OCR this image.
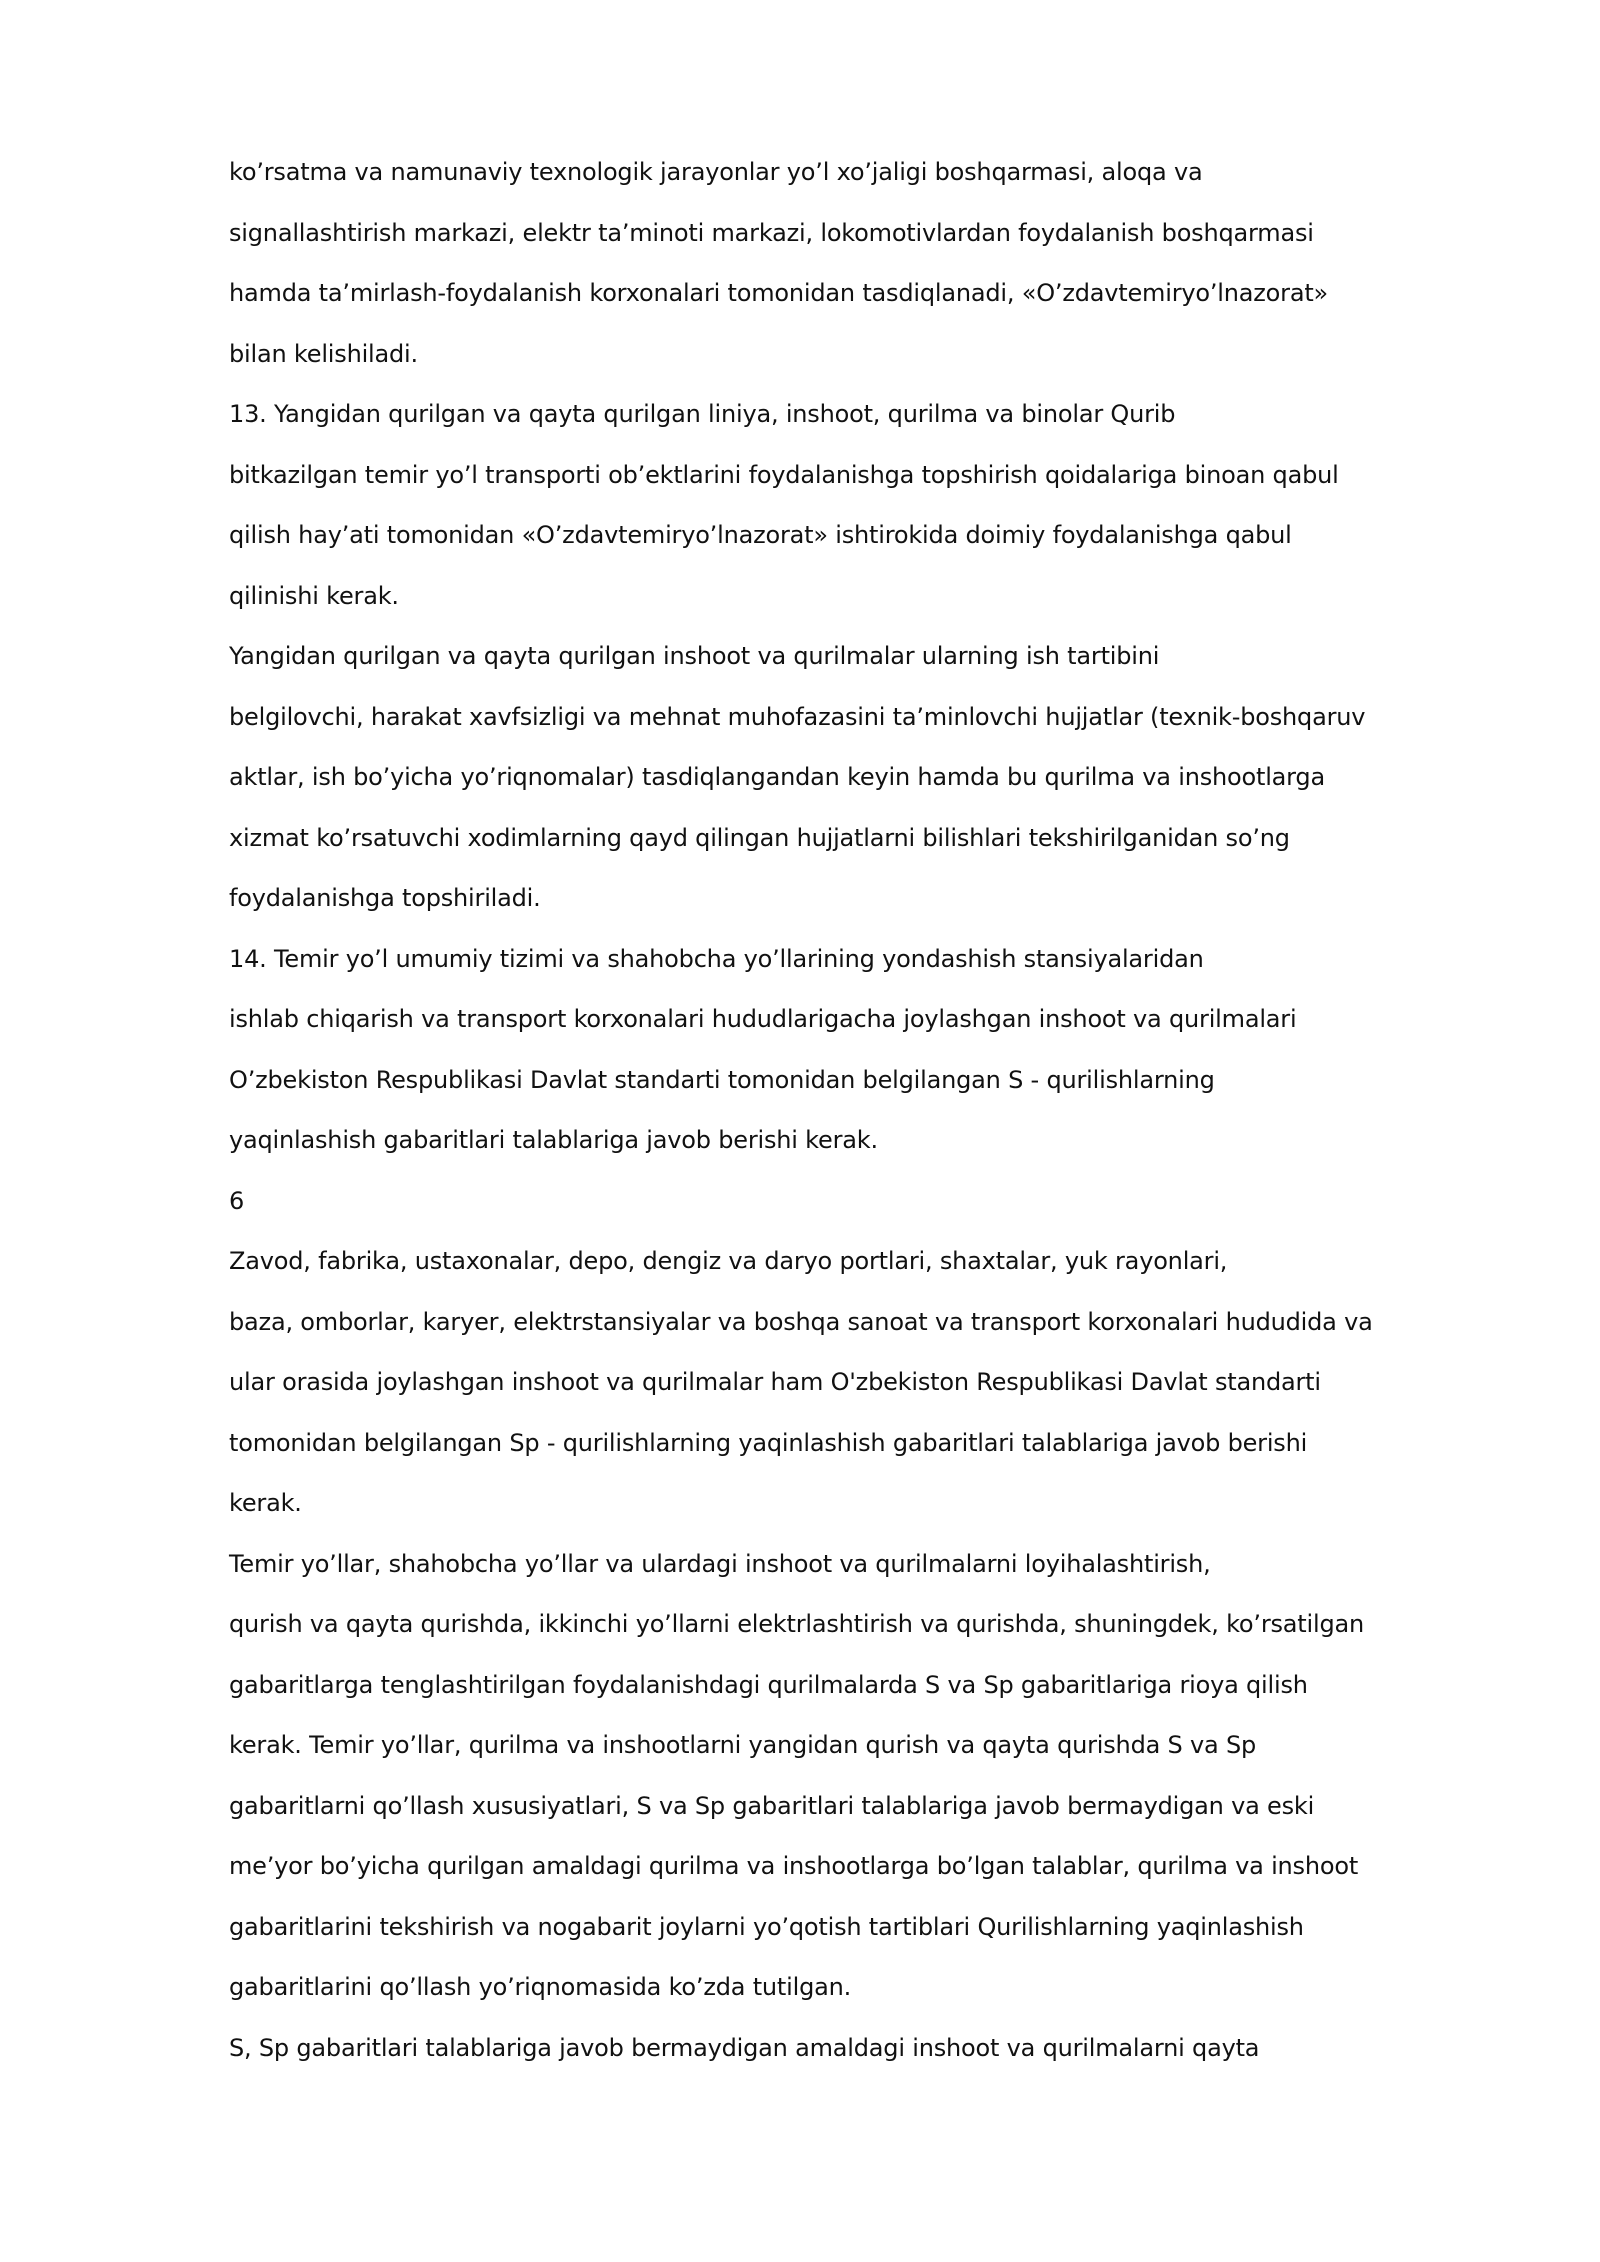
ko’rsatma va namunaviy texnologik jarayonlar yo’l xo’jaligi boshqarmasi, aloqa va
signallashtirish markazi, elektr ta’minoti markazi, lokomotivlardan foydalanish boshqarmasi
hamda ta’mirlash-foydalanish korxonalari tomonidan tasdiqlanadi, «O’zdavtemiryo’lnazorat»
bilan kelishiladi.
13. Yangidan qurilgan va qayta qurilgan liniya, inshoot, qurilma va binolar Qurib
bitkazilgan temir yo’l transporti ob’ektlarini foydalanishga topshirish qoidalariga binoan qabul
qilish hay’ati tomonidan «O’zdavtemiryo’lnazorat» ishtirokida doimiy foydalanishga qabul
qilinishi kerak.
Yangidan qurilgan va qayta qurilgan inshoot va qurilmalar ularning ish tartibini
belgilovchi, harakat xavfsizligi va mehnat muhofazasini ta’minlovchi hujjatlar (texnik-boshqaruv
aktlar, ish bo’yicha yo’riqnomalar) tasdiqlangandan keyin hamda bu qurilma va inshootlarga
xizmat ko’rsatuvchi xodimlarning qayd qilingan hujjatlarni bilishlari tekshirilganidan so’ng
foydalanishga topshiriladi.
14. Temir yo’l umumiy tizimi va shahobcha yo’llarining yondashish stansiyalaridan
ishlab chiqarish va transport korxonalari hududlarigacha joylashgan inshoot va qurilmalari
O’zbekiston Respublikasi Davlat standarti tomonidan belgilangan S - qurilishlarning
yaqinlashish gabaritlari talablariga javob berishi kerak.
6
Zavod, fabrika, ustaxonalar, depo, dengiz va daryo portlari, shaxtalar, yuk rayonlari,
baza, omborlar, karyer, elektrstansiyalar va boshqa sanoat va transport korxonalari hududida va
ular orasida joylashgan inshoot va qurilmalar ham O'zbekiston Respublikasi Davlat standarti
tomonidan belgilangan Sp - qurilishlarning yaqinlashish gabaritlari talablariga javob berishi
kerak.
Temir yo’llar, shahobcha yo’llar va ulardagi inshoot va qurilmalarni loyihalashtirish,
qurish va qayta qurishda, ikkinchi yo’llarni elektrlashtirish va qurishda, shuningdek, ko’rsatilgan
gabaritlarga tenglashtirilgan foydalanishdagi qurilmalarda S va Sp gabaritlariga rioya qilish
kerak. Temir yo’llar, qurilma va inshootlarni yangidan qurish va qayta qurishda S va Sp
gabaritlarni qo’llash xususiyatlari, S va Sp gabaritlari talablariga javob bermaydigan va eski
me’yor bo’yicha qurilgan amaldagi qurilma va inshootlarga bo’lgan talablar, qurilma va inshoot
gabaritlarini tekshirish va nogabarit joylarni yo’qotish tartiblari Qurilishlarning yaqinlashish
gabaritlarini qo’llash yo’riqnomasida ko’zda tutilgan.
S, Sp gabaritlari talablariga javob bermaydigan amaldagi inshoot va qurilmalarni qayta
